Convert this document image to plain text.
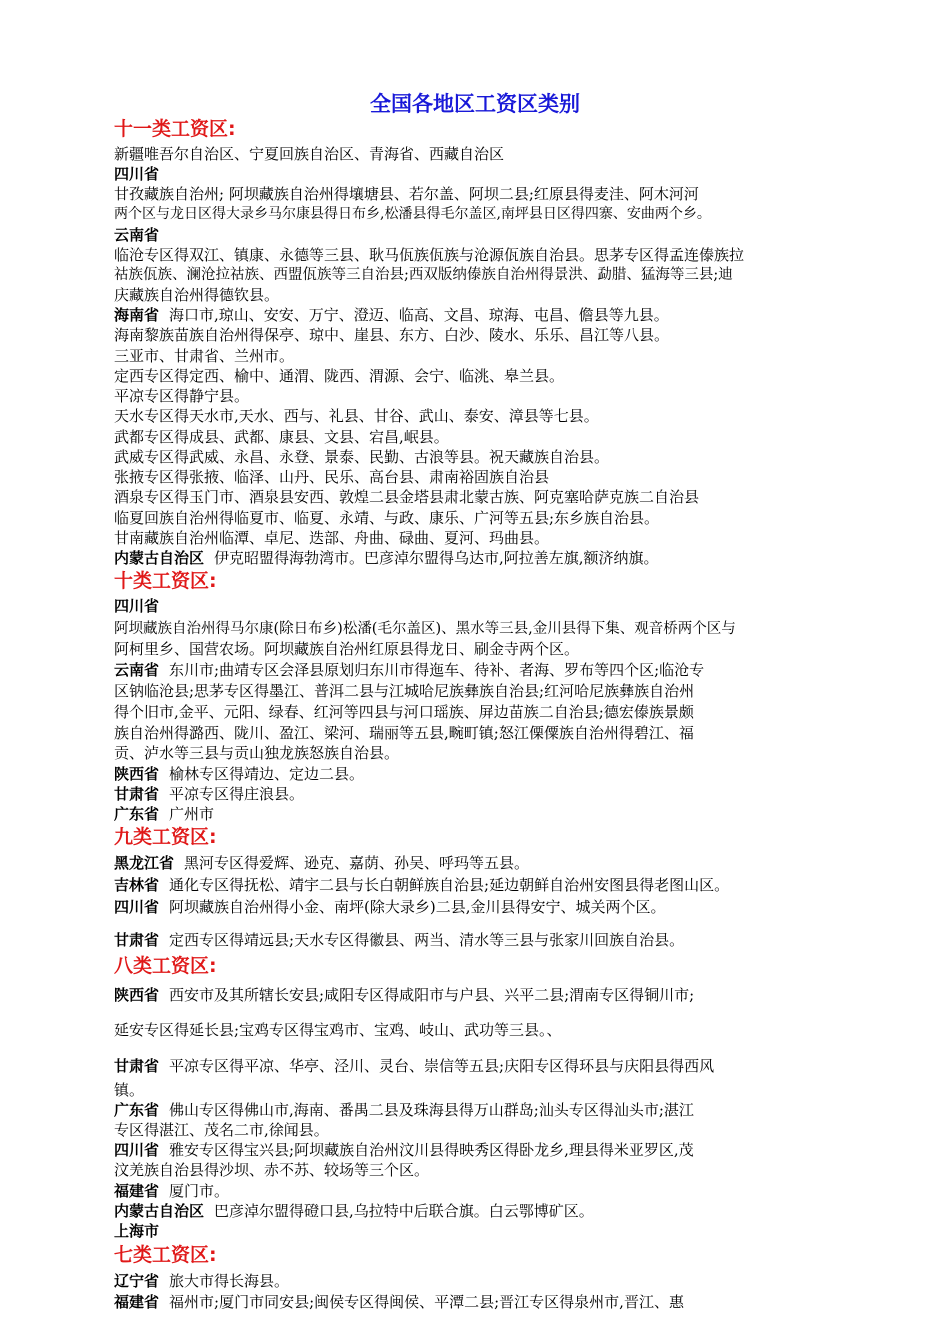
全国各地区工资区类别
十一类工资区:
新疆唯吾尔自治区、宁夏回族自治区、青海省、西藏自治区
四川省
甘孜藏族自治州; 阿坝藏族自治州得壤塘县、若尔盖、阿坝二县;红原县得麦洼、阿木河河
两个区与龙日区得大录乡马尔康县得日布乡,松潘县得毛尔盖区,南坪县日区得四寨、安曲两个乡。
云南省
临沧专区得双江、镇康、永德等三县、耿马佤族佤族与沧源佤族自治县。思茅专区得孟连傣族拉
祜族佤族、澜沧拉祜族、西盟佤族等三自治县;西双版纳傣族自治州得景洪、勐腊、猛海等三县;迪
庆藏族自治州得德钦县。
海南省 海口市,琼山、安安、万宁、澄迈、临高、文昌、琼海、屯昌、儋县等九县。
海南黎族苗族自治州得保亭、琼中、崖县、东方、白沙、陵水、乐乐、昌江等八县。
三亚市、甘肃省、兰州市。
定西专区得定西、榆中、通渭、陇西、渭源、会宁、临洮、皋兰县。
平凉专区得静宁县。
天水专区得天水市,天水、西与、礼县、甘谷、武山、泰安、漳县等七县。
武都专区得成县、武都、康县、文县、宕昌,岷县。
武威专区得武威、永昌、永登、景泰、民勤、古浪等县。祝天藏族自治县。
张掖专区得张掖、临泽、山丹、民乐、高台县、肃南裕固族自治县
酒泉专区得玉门市、酒泉县安西、敦煌二县金塔县肃北蒙古族、阿克塞哈萨克族二自治县
临夏回族自治州得临夏市、临夏、永靖、与政、康乐、广河等五县;东乡族自治县。
甘南藏族自治州临潭、卓尼、迭部、舟曲、碌曲、夏河、玛曲县。
内蒙古自治区 伊克昭盟得海勃湾市。巴彦淖尔盟得乌达市,阿拉善左旗,额济纳旗。
十类工资区:
四川省
阿坝藏族自治州得马尔康(除日布乡)松潘(毛尔盖区)、黑水等三县,金川县得下集、观音桥两个区与
阿柯里乡、国营农场。阿坝藏族自治州红原县得龙日、刷金寺两个区。
云南省 东川市;曲靖专区会泽县原划归东川市得迤车、待补、者海、罗布等四个区;临沧专
区钠临沧县;思茅专区得墨江、普洱二县与江城哈尼族彝族自治县;红河哈尼族彝族自治州
得个旧市,金平、元阳、绿春、红河等四县与河口瑶族、屏边苗族二自治县;德宏傣族景颇
族自治州得潞西、陇川、盈江、梁河、瑞丽等五县,畹町镇;怒江傈僳族自治州得碧江、福
贡、泸水等三县与贡山独龙族怒族自治县。
陕西省 榆林专区得靖边、定边二县。
甘肃省 平凉专区得庄浪县。
广东省 广州市
九类工资区:
黑龙江省 黑河专区得爱辉、逊克、嘉荫、孙吴、呼玛等五县。
吉林省 通化专区得抚松、靖宇二县与长白朝鲜族自治县;延边朝鲜自治州安图县得老图山区。
四川省 阿坝藏族自治州得小金、南坪(除大录乡)二县,金川县得安宁、城关两个区。
甘肃省 定西专区得靖远县;天水专区得徽县、两当、清水等三县与张家川回族自治县。
八类工资区:
陕西省 西安市及其所辖长安县;咸阳专区得咸阳市与户县、兴平二县;渭南专区得铜川市;
延安专区得延长县;宝鸡专区得宝鸡市、宝鸡、岐山、武功等三县。、
甘肃省 平凉专区得平凉、华亭、泾川、灵台、崇信等五县;庆阳专区得环县与庆阳县得西风
镇。
广东省 佛山专区得佛山市,海南、番禺二县及珠海县得万山群岛;汕头专区得汕头市;湛江
专区得湛江、茂名二市,徐闻县。
四川省 雅安专区得宝兴县;阿坝藏族自治州汶川县得映秀区得卧龙乡,理县得米亚罗区,茂
汶羌族自治县得沙坝、赤不苏、较场等三个区。
福建省 厦门市。
内蒙古自治区 巴彦淖尔盟得磴口县,乌拉特中后联合旗。白云鄂博矿区。
上海市
七类工资区:
辽宁省 旅大市得长海县。
福建省 福州市;厦门市同安县;闽侯专区得闽侯、平潭二县;晋江专区得泉州市,晋江、惠
